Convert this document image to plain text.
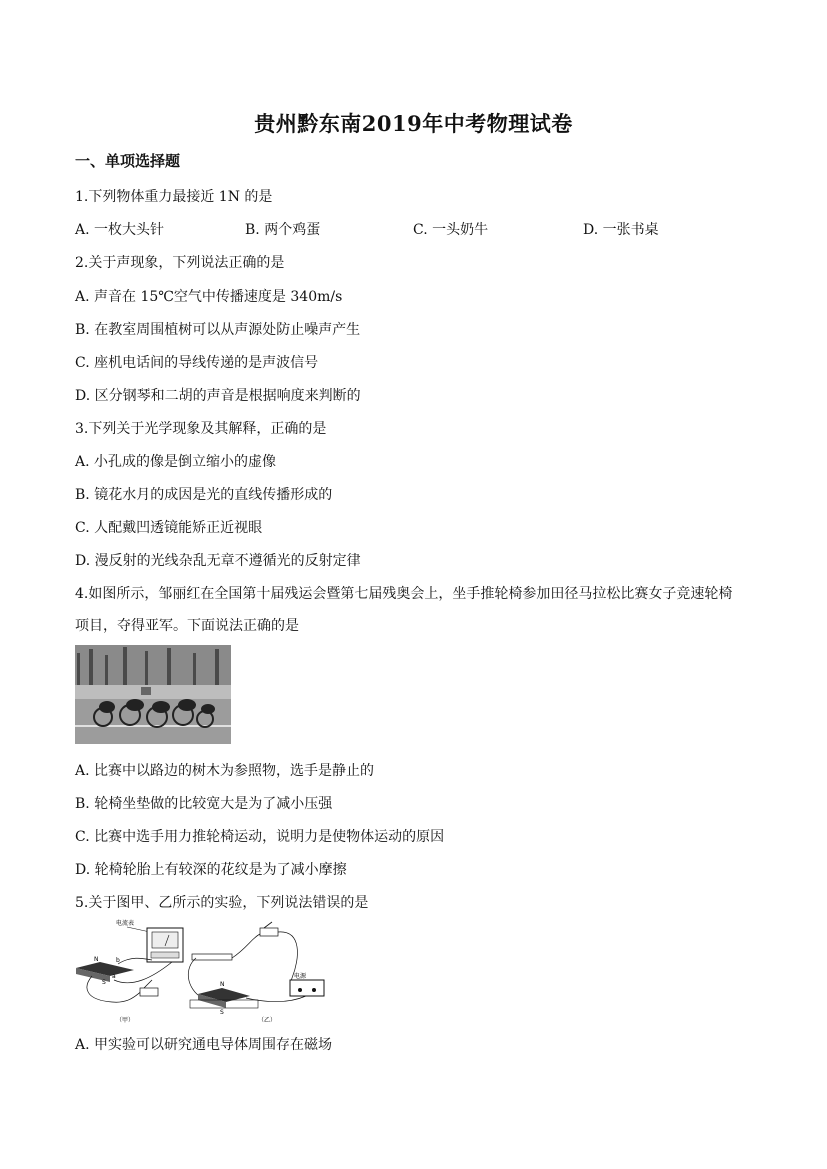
贵州黔东南2019年中考物理试卷
一、单项选择题
1.下列物体重力最接近 1N 的是
A. 一枚大头针	B. 两个鸡蛋	C. 一头奶牛	D. 一张书桌
2.关于声现象，下列说法正确的是
A. 声音在 15℃空气中传播速度是 340m/s
B. 在教室周围植树可以从声源处防止噪声产生
C. 座机电话间的导线传递的是声波信号
D. 区分钢琴和二胡的声音是根据响度来判断的
3.下列关于光学现象及其解释，正确的是
A. 小孔成的像是倒立缩小的虚像
B. 镜花水月的成因是光的直线传播形成的
C. 人配戴凹透镜能矫正近视眼
D. 漫反射的光线杂乱无章不遵循光的反射定律
4.如图所示，邹丽红在全国第十届残运会暨第七届残奥会上，坐手推轮椅参加田径马拉松比赛女子竞速轮椅
项目，夺得亚军。下面说法正确的是
A. 比赛中以路边的树木为参照物，选手是静止的
B. 轮椅坐垫做的比较宽大是为了减小压强
C. 比赛中选手用力推轮椅运动，说明力是使物体运动的原因
D. 轮椅轮胎上有较深的花纹是为了减小摩擦
5.关于图甲、乙所示的实验，下列说法错误的是
电流表
N
S
b
a
（甲）
电源
N
S
（乙）
A. 甲实验可以研究通电导体周围存在磁场
